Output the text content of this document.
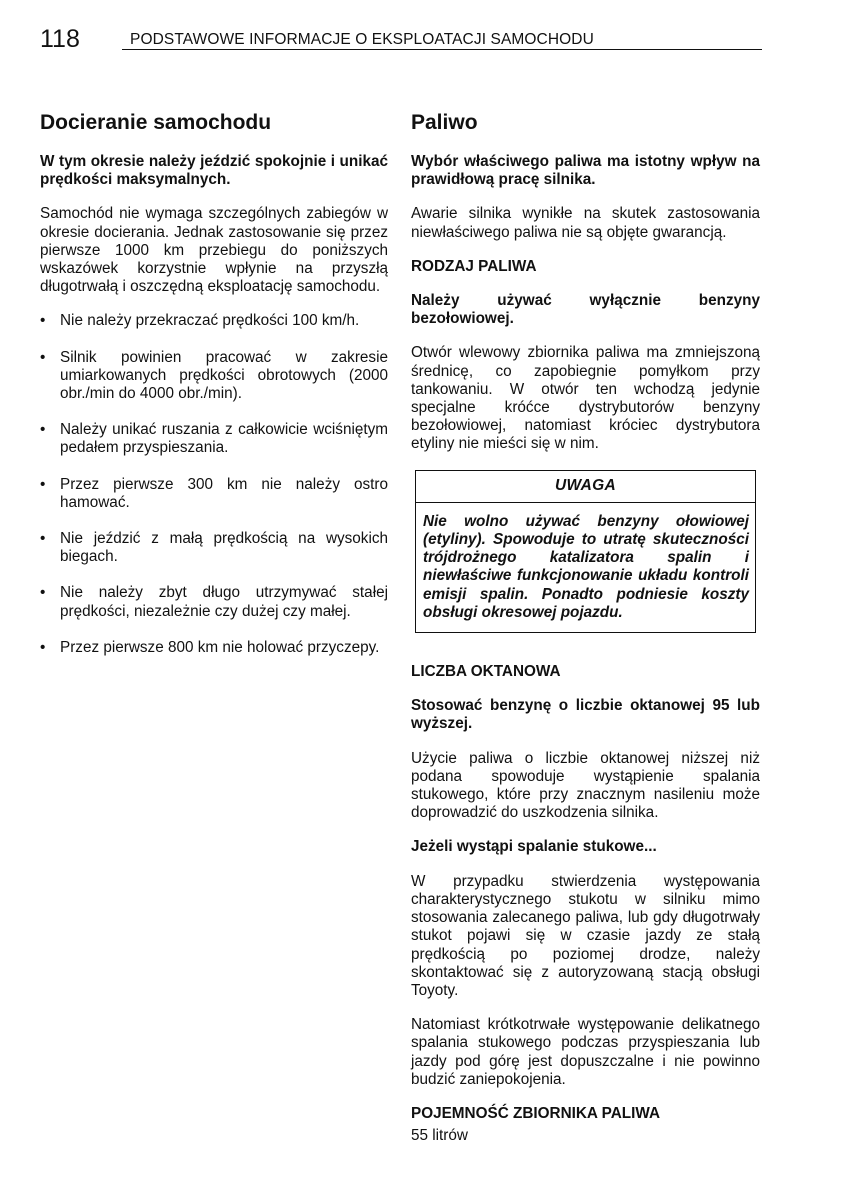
118	PODSTAWOWE INFORMACJE O EKSPLOATACJI SAMOCHODU
Docieranie samochodu

W tym okresie należy jeździć spokojnie i unikać prędkości maksymalnych.

Samochód nie wymaga szczególnych zabiegów w okresie docierania. Jednak zastosowanie się przez pierwsze 1000 km przebiegu do poniższych wskazówek korzystnie wpłynie na przyszłą długotrwałą i oszczędną eksploatację samochodu.

• Nie należy przekraczać prędkości 100 km/h.
• Silnik powinien pracować w zakresie umiarkowanych prędkości obrotowych (2000 obr./min do 4000 obr./min).
• Należy unikać ruszania z całkowicie wciśniętym pedałem przyspieszania.
• Przez pierwsze 300 km nie należy ostro hamować.
• Nie jeździć z małą prędkością na wysokich biegach.
• Nie należy zbyt długo utrzymywać stałej prędkości, niezależnie czy dużej czy małej.
• Przez pierwsze 800 km nie holować przyczepy.
Paliwo

Wybór właściwego paliwa ma istotny wpływ na prawidłową pracę silnika.

Awarie silnika wynikłe na skutek zastosowania niewłaściwego paliwa nie są objęte gwarancją.

RODZAJ PALIWA

Należy używać wyłącznie benzyny bezołowiowej.

Otwór wlewowy zbiornika paliwa ma zmniejszoną średnicę, co zapobiegnie pomyłkom przy tankowaniu. W otwór ten wchodzą jedynie specjalne króćce dystrybutorów benzyny bezołowiowej, natomiast króciec dystrybutora etyliny nie mieści się w nim.

UWAGA
Nie wolno używać benzyny ołowiowej (etyliny). Spowoduje to utratę skuteczności trójdrożnego katalizatora spalin i niewłaściwe funkcjonowanie układu kontroli emisji spalin. Ponadto podniesie koszty obsługi okresowej pojazdu.

LICZBA OKTANOWA

Stosować benzynę o liczbie oktanowej 95 lub wyższej.

Użycie paliwa o liczbie oktanowej niższej niż podana spowoduje wystąpienie spalania stukowego, które przy znacznym nasileniu może doprowadzić do uszkodzenia silnika.

Jeżeli wystąpi spalanie stukowe...

W przypadku stwierdzenia występowania charakterystycznego stukotu w silniku mimo stosowania zalecanego paliwa, lub gdy długotrwały stukot pojawi się w czasie jazdy ze stałą prędkością po poziomej drodze, należy skontaktować się z autoryzowaną stacją obsługi Toyoty.

Natomiast krótkotrwałe występowanie delikatnego spalania stukowego podczas przyspieszania lub jazdy pod górę jest dopuszczalne i nie powinno budzić zaniepokojenia.

POJEMNOŚĆ ZBIORNIKA PALIWA

55 litrów
